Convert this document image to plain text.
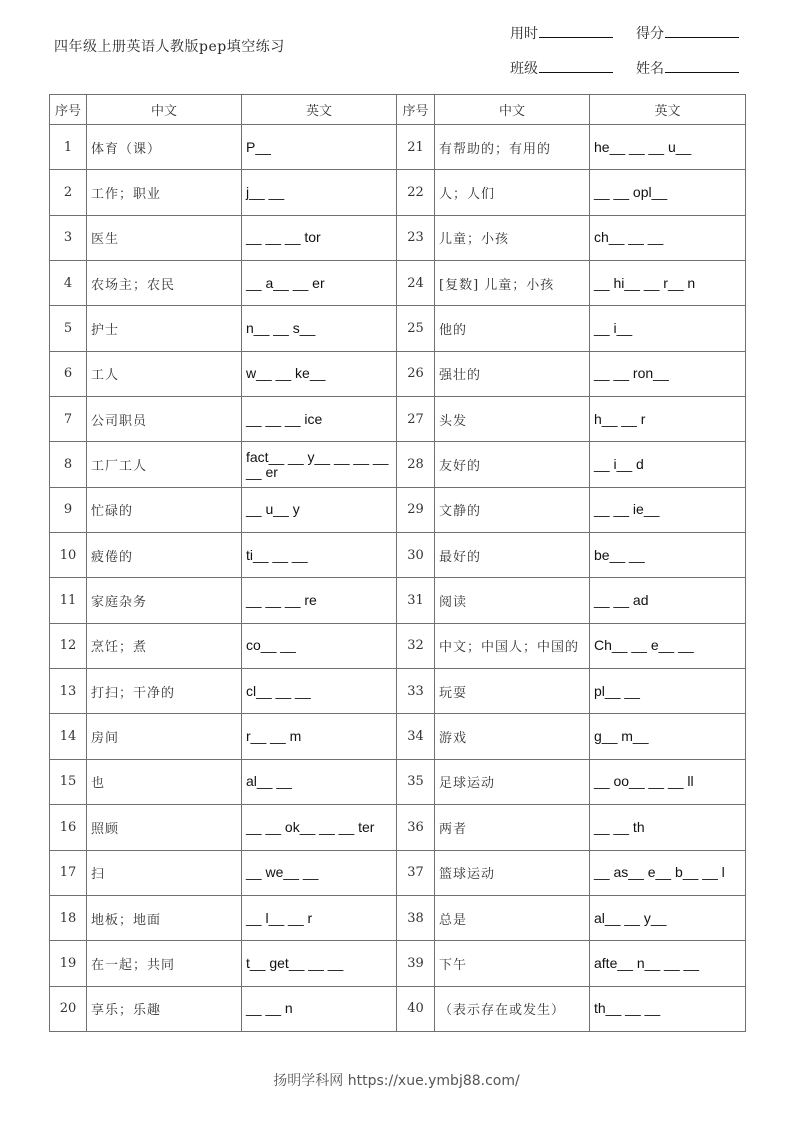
四年级上册英语人教版pep填空练习
用时	得分
班级	姓名
序号	中文	英文	序号	中文	英文
1	体育（课）	P__	21	有帮助的；有用的	he__ __ __ u__
2	工作；职业	j__ __	22	人；人们	__ __ opl__
3	医生	__ __ __ tor	23	儿童；小孩	ch__ __ __
4	农场主；农民	__ a__ __ er	24	[复数] 儿童；小孩	__ hi__ __ r__ n
5	护士	n__ __ s__	25	他的	__ i__
6	工人	w__ __ ke__	26	强壮的	__ __ ron__
7	公司职员	__ __ __ ice	27	头发	h__ __ r
8	工厂工人	fact__ __ y__ __ __ __ __ er	28	友好的	__ i__ d
9	忙碌的	__ u__ y	29	文静的	__ __ ie__
10	疲倦的	ti__ __ __	30	最好的	be__ __
11	家庭杂务	__ __ __ re	31	阅读	__ __ ad
12	烹饪；煮	co__ __	32	中文；中国人；中国的	Ch__ __ e__ __
13	打扫；干净的	cl__ __ __	33	玩耍	pl__ __
14	房间	r__ __ m	34	游戏	g__ m__
15	也	al__ __	35	足球运动	__ oo__ __ __ ll
16	照顾	__ __ ok__ __ __ ter	36	两者	__ __ th
17	扫	__ we__ __	37	篮球运动	__ as__ e__ b__ __ l
18	地板；地面	__ l__ __ r	38	总是	al__ __ y__
19	在一起；共同	t__ get__ __ __	39	下午	afte__ n__ __ __
20	享乐；乐趣	__ __ n	40	（表示存在或发生）	th__ __ __
扬明学科网 https://xue.ymbj88.com/
